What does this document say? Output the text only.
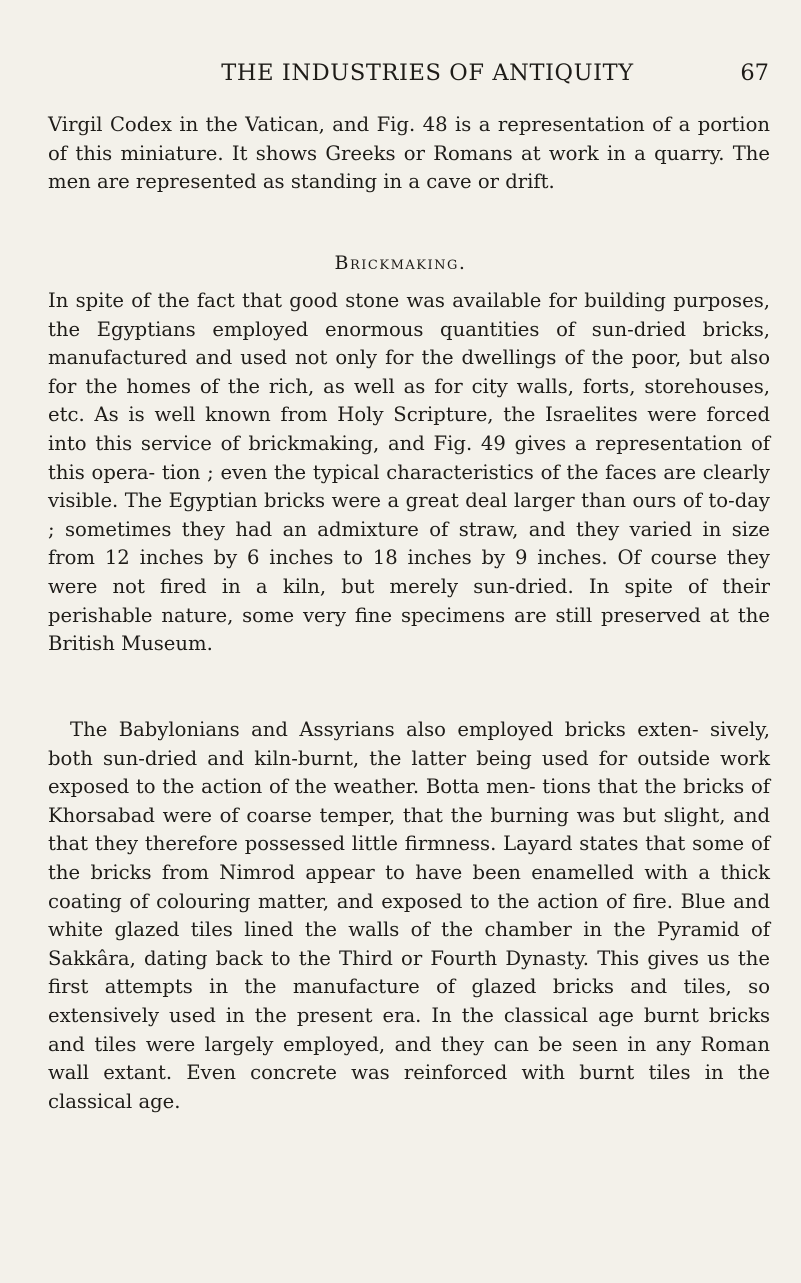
THE INDUSTRIES OF ANTIQUITY	67

Virgil Codex in the Vatican, and Fig. 48 is a representation of a portion of this miniature. It shows Greeks or Romans at work in a quarry. The men are represented as standing in a cave or drift.

Brickmaking.

In spite of the fact that good stone was available for building purposes, the Egyptians employed enormous quantities of sun-dried bricks, manufactured and used not only for the dwellings of the poor, but also for the homes of the rich, as well as for city walls, forts, storehouses, etc. As is well known from Holy Scripture, the Israelites were forced into this service of brickmaking, and Fig. 49 gives a representation of this opera- tion ; even the typical characteristics of the faces are clearly visible. The Egyptian bricks were a great deal larger than ours of to-day ; sometimes they had an admixture of straw, and they varied in size from 12 inches by 6 inches to 18 inches by 9 inches. Of course they were not fired in a kiln, but merely sun-dried. In spite of their perishable nature, some very fine specimens are still preserved at the British Museum.

The Babylonians and Assyrians also employed bricks exten- sively, both sun-dried and kiln-burnt, the latter being used for outside work exposed to the action of the weather. Botta men- tions that the bricks of Khorsabad were of coarse temper, that the burning was but slight, and that they therefore possessed little firmness. Layard states that some of the bricks from Nimrod appear to have been enamelled with a thick coating of colouring matter, and exposed to the action of fire. Blue and white glazed tiles lined the walls of the chamber in the Pyramid of Sakkâra, dating back to the Third or Fourth Dynasty. This gives us the first attempts in the manufacture of glazed bricks and tiles, so extensively used in the present era. In the classical age burnt bricks and tiles were largely employed, and they can be seen in any Roman wall extant. Even concrete was reinforced with burnt tiles in the classical age.
